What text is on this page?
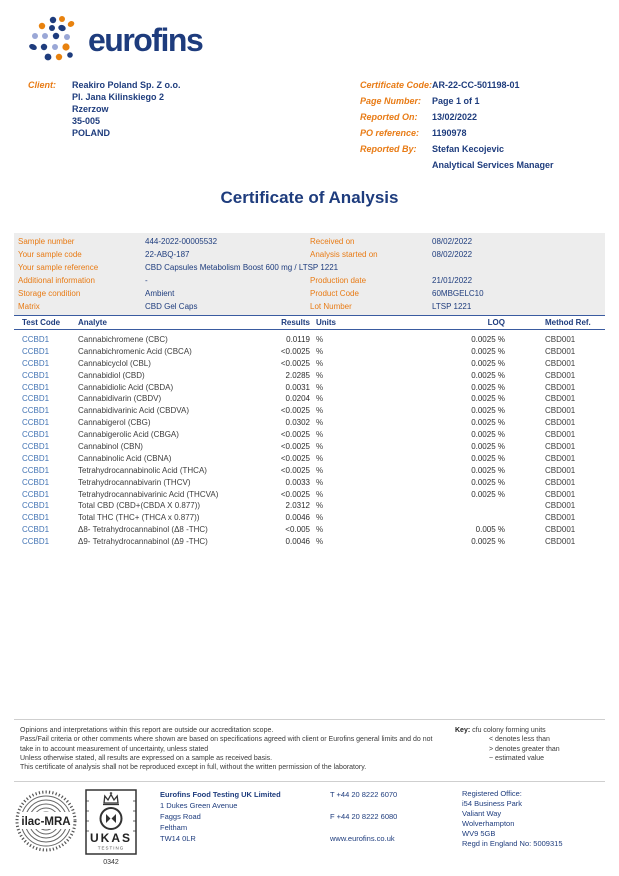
eurofins
Client:	Reakiro Poland Sp. Z o.o.
Pl. Jana Kilinskiego 2
Rzerzow
35-005
POLAND
Certificate Code: AR-22-CC-501198-01
Page Number:	Page 1 of 1
Reported On:	13/02/2022
PO reference:	1190978
Reported By:	Stefan Kecojevic
Analytical Services Manager
Certificate of Analysis
Sample number	444-2022-00005532	Received on	08/02/2022
Your sample code	22-ABQ-187	Analysis started on	08/02/2022
Your sample reference	CBD Capsules Metabolism Boost 600 mg / LTSP 1221
Additional information	-	Production date	21/01/2022
Storage condition	Ambient	Product Code	60MBGELC10
Matrix	CBD Gel Caps	Lot Number	LTSP 1221
Test Code	Analyte	Results Units	LOQ	Method Ref.
CCBD1	Cannabichromene (CBC)	0.0119 %	0.0025 %	CBD001
CCBD1	Cannabichromenic Acid (CBCA)	<0.0025 %	0.0025 %	CBD001
CCBD1	Cannabicyclol (CBL)	<0.0025 %	0.0025 %	CBD001
CCBD1	Cannabidiol (CBD)	2.0285 %	0.0025 %	CBD001
CCBD1	Cannabidiolic Acid (CBDA)	0.0031 %	0.0025 %	CBD001
CCBD1	Cannabidivarin (CBDV)	0.0204 %	0.0025 %	CBD001
CCBD1	Cannabidivarinic Acid (CBDVA)	<0.0025 %	0.0025 %	CBD001
CCBD1	Cannabigerol (CBG)	0.0302 %	0.0025 %	CBD001
CCBD1	Cannabigerolic Acid (CBGA)	<0.0025 %	0.0025 %	CBD001
CCBD1	Cannabinol (CBN)	<0.0025 %	0.0025 %	CBD001
CCBD1	Cannabinolic Acid (CBNA)	<0.0025 %	0.0025 %	CBD001
CCBD1	Tetrahydrocannabinolic Acid (THCA)	<0.0025 %	0.0025 %	CBD001
CCBD1	Tetrahydrocannabivarin (THCV)	0.0033 %	0.0025 %	CBD001
CCBD1	Tetrahydrocannabivarinic Acid (THCVA)	<0.0025 %	0.0025 %	CBD001
CCBD1	Total CBD (CBD+(CBDA X 0.877))	2.0312 %	CBD001
CCBD1	Total THC (THC+ (THCA x 0.877))	0.0046 %	CBD001
CCBD1	Δ8- Tetrahydrocannabinol (Δ8 -THC)	<0.005 %	0.005 %	CBD001
CCBD1	Δ9- Tetrahydrocannabinol (Δ9 -THC)	0.0046 %	0.0025 %	CBD001
Opinions and interpretations within this report are outside our accreditation scope.
Pass/Fail criteria or other comments where shown are based on specifications agreed with client or Eurofins general limits and do not take in to account measurement of uncertainty, unless stated
Unless otherwise stated, all results are expressed on a sample as received basis.
This certificate of analysis shall not be reproduced except in full, without the written permission of the laboratory.
Key: cfu colony forming units
< denotes less than
> denotes greater than
~ estimated value
ilac-MRA
UKAS
TESTING
0342
Eurofins Food Testing UK Limited
1 Dukes Green Avenue
Faggs Road
Feltham
TW14 0LR
T +44 20 8222 6070
F +44 20 8222 6080
www.eurofins.co.uk
Registered Office:
i54 Business Park
Valiant Way
Wolverhampton
WV9 5GB
Regd in England No: 5009315
